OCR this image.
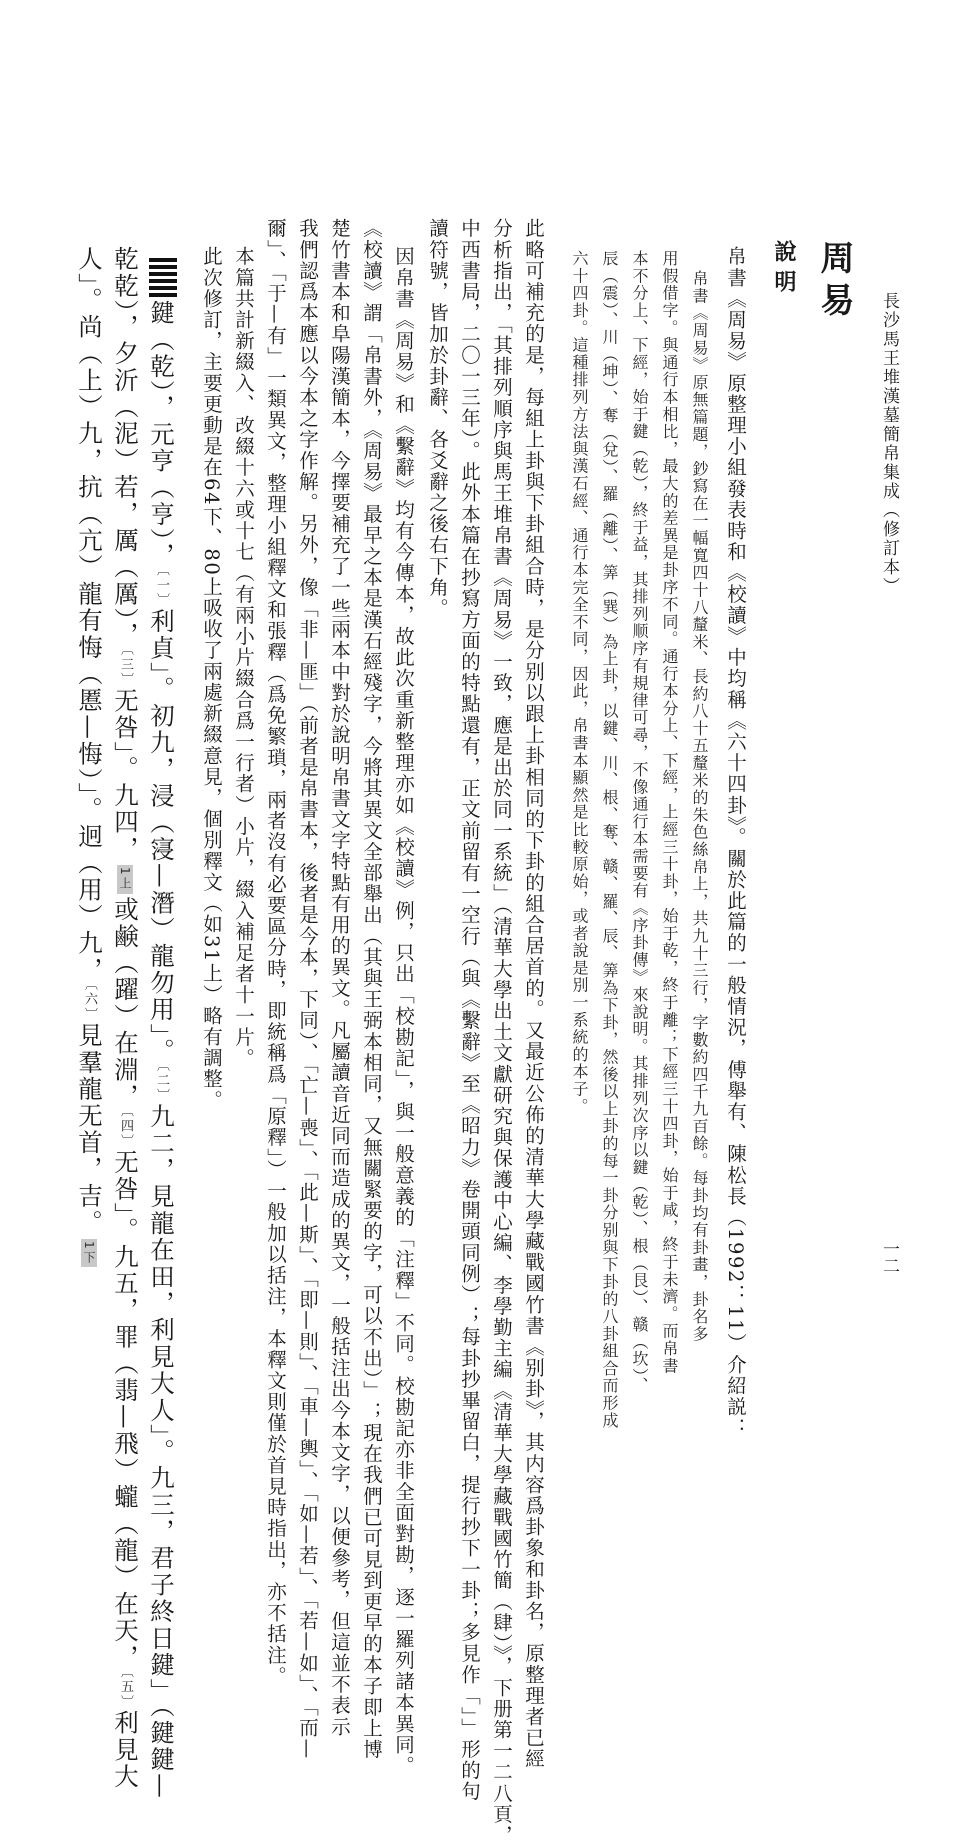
長沙馬王堆漢墓簡帛集成（修訂本）
一二
周易
說明
帛書《周易》原整理小組發表時和《校讀》中均稱《六十四卦》。關於此篇的一般情況，傅舉有、陳松長（1992：11）介紹説：
帛書《周易》原無篇題，鈔寫在一幅寬四十八釐米、長約八十五釐米的朱色絲帛上，共九十三行，字數約四千九百餘。每卦均有卦畫，卦名多
用假借字。與通行本相比，最大的差異是卦序不同。通行本分上、下經，上經三十卦，始于乾，終于離；下經三十四卦，始于咸，終于未濟。而帛書
本不分上、下經，始于鍵（乾），終于益，其排列顺序有規律可尋，不像通行本需要有《序卦傳》來說明。其排列次序以鍵（乾）、根（艮）、赣（坎）、
辰（震）、川（坤）、奪（兌）、羅（離）、筭（巽）為上卦，以鍵、川、根、奪、赣、羅、辰、筭為下卦，然後以上卦的每一卦分别與下卦的八卦組合而形成
六十四卦。這種排列方法與漢石經、通行本完全不同，因此，帛書本顯然是比較原始，或者說是別一系統的本子。
此略可補充的是，每組上卦與下卦組合時，是分别以跟上卦相同的下卦的組合居首的。又最近公佈的清華大學藏戰國竹書《别卦》，其内容爲卦象和卦名，原整理者已經
分析指出，「其排列順序與馬王堆帛書《周易》一致，應是出於同一系統」（清華大學出土文獻研究與保護中心編、李學勤主編《清華大學藏戰國竹簡（肆）》，下册第一二八頁，
中西書局，二〇一三年）。此外本篇在抄寫方面的特點還有，正文前留有一空行（與《繫辭》至《昭力》卷開頭同例）；每卦抄畢留白，提行抄下一卦；多見作「」」形的句
讀符號，皆加於卦辭、各爻辭之後右下角。
因帛書《周易》和《繫辭》均有今傳本，故此次重新整理亦如《校讀》例，只出「校勘記」，與一般意義的「注釋」不同。校勘記亦非全面對勘，逐一羅列諸本異同。
《校讀》謂「帛書外，《周易》最早之本是漢石經殘字，今將其異文全部舉出（其與王弼本相同，又無關緊要的字，可以不出）」；現在我們已可見到更早的本子即上博
楚竹書本和阜陽漢簡本，今擇要補充了一些兩本中對於說明帛書文字特點有用的異文。凡屬讀音近同而造成的異文，一般括注出今本文字，以便參考，但這並不表示
我們認爲本應以今本之字作解。另外，像「非—匪」（前者是帛書本，後者是今本，下同）、「亡—喪」、「此—斯」、「即—則」、「車—輿」、「如—若」、「若—如」、「而—
爾」、「于—有」一類異文，整理小組釋文和張釋（爲免繁瑣，兩者沒有必要區分時，即統稱爲「原釋」）一般加以括注，本釋文則僅於首見時指出，亦不括注。
本篇共計新綴入、改綴十六或十七（有兩小片綴合爲一行者）小片，綴入補足者十一片。
此次修訂，主要更動是在64下、80上吸收了兩處新綴意見，個別釋文（如31上）略有調整。
鍵（乾），元亨（亨），〔一〕利貞」。初九，浸（寖—潛）龍勿用」。〔二〕九二，見龍在田，利見大人」。九三，君子終日鍵」（鍵鍵—
乾乾），夕沂（泥）若，厲（厲），〔三〕无咎」。九四，1上或鹸（躍）在淵，〔四〕无咎」。九五，罪（翡—飛）蠬（龍）在天，〔五〕利見大
人」。尚（上）九，抗（亢）龍有悔（慝—悔）」。迥（用）九，〔六〕見羣龍无首，吉。1下
